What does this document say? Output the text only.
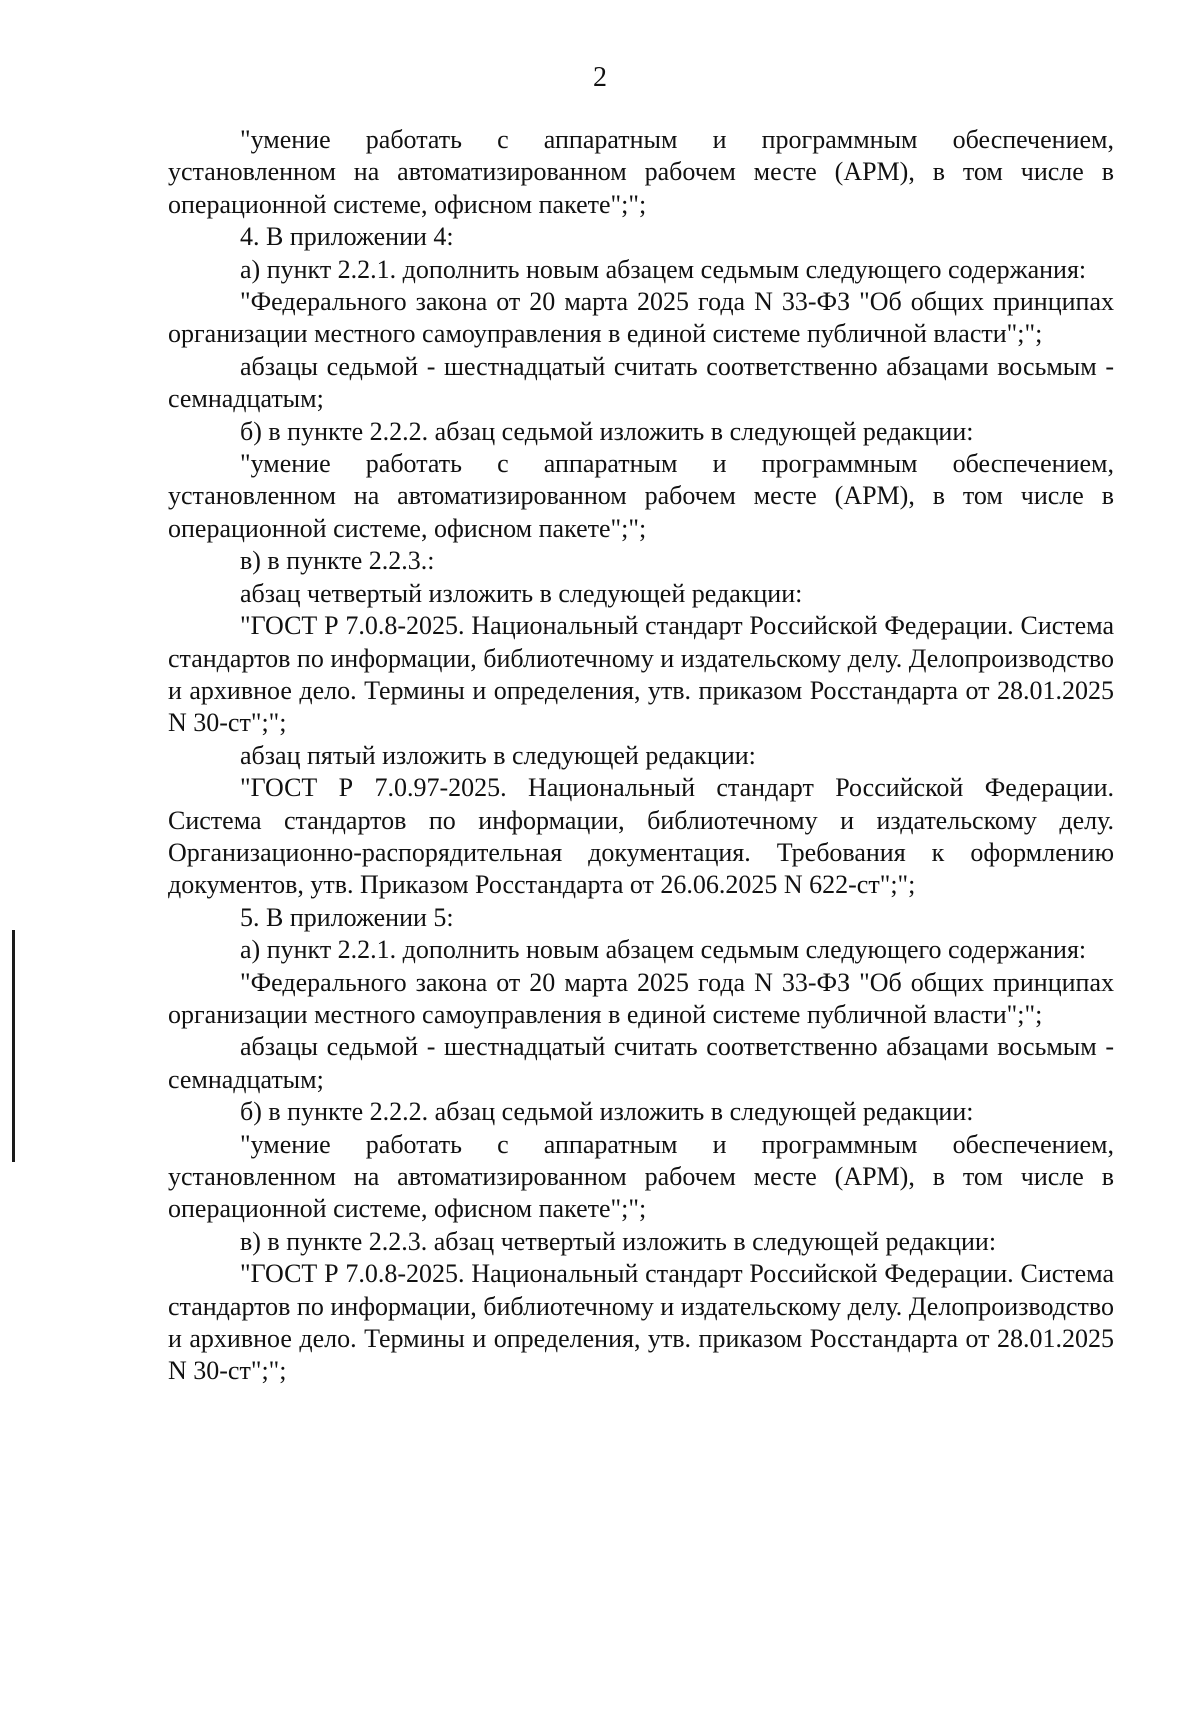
2

"умение работать с аппаратным и программным обеспечением, установленном на автоматизированном рабочем месте (АРМ), в том числе в операционной системе, офисном пакете";";

4. В приложении 4:

а) пункт 2.2.1. дополнить новым абзацем седьмым следующего содержания:

"Федерального закона от 20 марта 2025 года N 33-ФЗ "Об общих принципах организации местного самоуправления в единой системе публичной власти";";

абзацы седьмой - шестнадцатый считать соответственно абзацами восьмым - семнадцатым;

б) в пункте 2.2.2. абзац седьмой изложить в следующей редакции:

"умение работать с аппаратным и программным обеспечением, установленном на автоматизированном рабочем месте (АРМ), в том числе в операционной системе, офисном пакете";";

в) в пункте 2.2.3.:

абзац четвертый изложить в следующей редакции:

"ГОСТ Р 7.0.8-2025. Национальный стандарт Российской Федерации. Система стандартов по информации, библиотечному и издательскому делу. Делопроизводство и архивное дело. Термины и определения, утв. приказом Росстандарта от 28.01.2025 N 30-ст";";

абзац пятый изложить в следующей редакции:

"ГОСТ Р 7.0.97-2025. Национальный стандарт Российской Федерации. Система стандартов по информации, библиотечному и издательскому делу. Организационно-распорядительная документация. Требования к оформлению документов, утв. Приказом Росстандарта от 26.06.2025 N 622-ст";";

5. В приложении 5:

а) пункт 2.2.1. дополнить новым абзацем седьмым следующего содержания:

"Федерального закона от 20 марта 2025 года N 33-ФЗ "Об общих принципах организации местного самоуправления в единой системе публичной власти";";

абзацы седьмой - шестнадцатый считать соответственно абзацами восьмым - семнадцатым;

б) в пункте 2.2.2. абзац седьмой изложить в следующей редакции:

"умение работать с аппаратным и программным обеспечением, установленном на автоматизированном рабочем месте (АРМ), в том числе в операционной системе, офисном пакете";";

в) в пункте 2.2.3. абзац четвертый изложить в следующей редакции:

"ГОСТ Р 7.0.8-2025. Национальный стандарт Российской Федерации. Система стандартов по информации, библиотечному и издательскому делу. Делопроизводство и архивное дело. Термины и определения, утв. приказом Росстандарта от 28.01.2025 N 30-ст";";
